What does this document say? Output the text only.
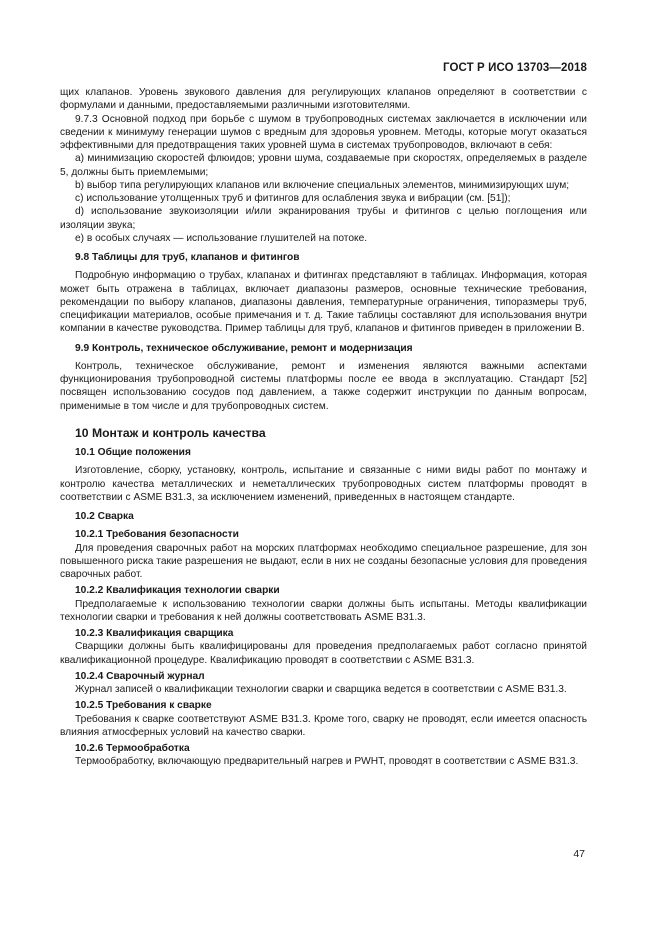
ГОСТ Р ИСО 13703—2018

щих клапанов. Уровень звукового давления для регулирующих клапанов определяют в соответствии с формулами и данными, предоставляемыми различными изготовителями.

9.7.3 Основной подход при борьбе с шумом в трубопроводных системах заключается в исключении или сведении к минимуму генерации шумов с вредным для здоровья уровнем. Методы, которые могут оказаться эффективными для предотвращения таких уровней шума в системах трубопроводов, включают в себя:

а) минимизацию скоростей флюидов; уровни шума, создаваемые при скоростях, определяемых в разделе 5, должны быть приемлемыми;

b) выбор типа регулирующих клапанов или включение специальных элементов, минимизирующих шум;

с) использование утолщенных труб и фитингов для ослабления звука и вибрации (см. [51]);

d) использование звукоизоляции и/или экранирования трубы и фитингов с целью поглощения или изоляции звука;

е) в особых случаях — использование глушителей на потоке.

9.8 Таблицы для труб, клапанов и фитингов

Подробную информацию о трубах, клапанах и фитингах представляют в таблицах. Информация, которая может быть отражена в таблицах, включает диапазоны размеров, основные технические требования, рекомендации по выбору клапанов, диапазоны давления, температурные ограничения, типоразмеры труб, спецификации материалов, особые примечания и т. д. Такие таблицы составляют для использования внутри компании в качестве руководства. Пример таблицы для труб, клапанов и фитингов приведен в приложении В.

9.9 Контроль, техническое обслуживание, ремонт и модернизация

Контроль, техническое обслуживание, ремонт и изменения являются важными аспектами функционирования трубопроводной системы платформы после ее ввода в эксплуатацию. Стандарт [52] посвящен использованию сосудов под давлением, а также содержит инструкции по данным вопросам, применимые в том числе и для трубопроводных систем.

10 Монтаж и контроль качества

10.1 Общие положения

Изготовление, сборку, установку, контроль, испытание и связанные с ними виды работ по монтажу и контролю качества металлических и неметаллических трубопроводных систем платформы проводят в соответствии с ASME B31.3, за исключением изменений, приведенных в настоящем стандарте.

10.2 Сварка

10.2.1 Требования безопасности

Для проведения сварочных работ на морских платформах необходимо специальное разрешение, для зон повышенного риска такие разрешения не выдают, если в них не созданы безопасные условия для проведения сварочных работ.

10.2.2 Квалификация технологии сварки

Предполагаемые к использованию технологии сварки должны быть испытаны. Методы квалификации технологии сварки и требования к ней должны соответствовать ASME B31.3.

10.2.3 Квалификация сварщика

Сварщики должны быть квалифицированы для проведения предполагаемых работ согласно принятой квалификационной процедуре. Квалификацию проводят в соответствии с ASME B31.3.

10.2.4 Сварочный журнал

Журнал записей о квалификации технологии сварки и сварщика ведется в соответствии с ASME B31.3.

10.2.5 Требования к сварке

Требования к сварке соответствуют ASME B31.3. Кроме того, сварку не проводят, если имеется опасность влияния атмосферных условий на качество сварки.

10.2.6 Термообработка

Термообработку, включающую предварительный нагрев и PWHT, проводят в соответствии с ASME B31.3.

47
